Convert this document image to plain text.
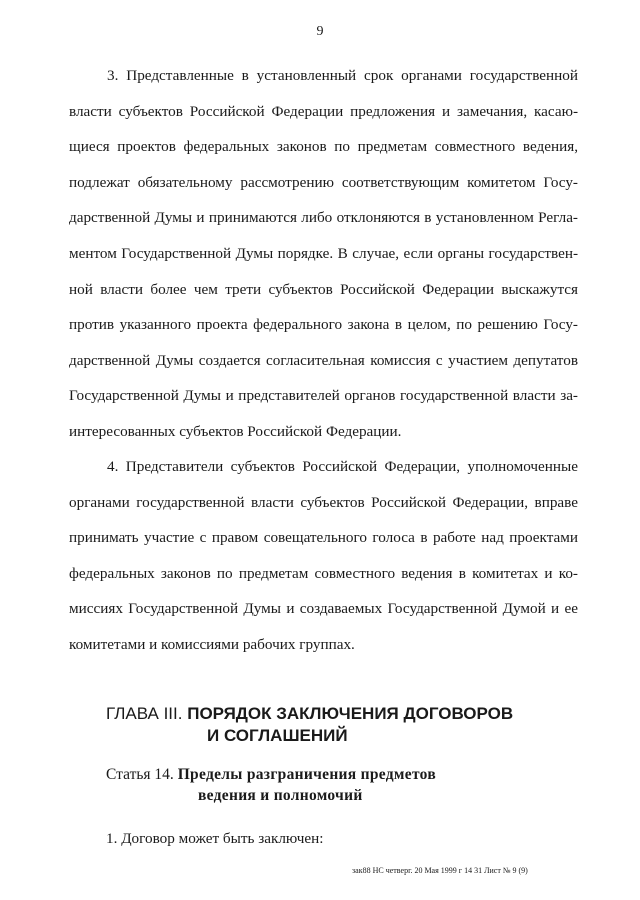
9
3. Представленные в установленный срок органами государственной
власти субъектов Российской Федерации предложения и замечания, касаю-
щиеся проектов федеральных законов по предметам совместного ведения,
подлежат обязательному рассмотрению соответствующим комитетом Госу-
дарственной Думы и принимаются либо отклоняются в установленном Регла-
ментом Государственной Думы порядке. В случае, если органы государствен-
ной власти более чем трети субъектов Российской Федерации выскажутся
против указанного проекта федерального закона в целом, по решению Госу-
дарственной Думы создается согласительная комиссия с участием депутатов
Государственной Думы и представителей органов государственной власти за-
интересованных субъектов Российской Федерации.
4. Представители субъектов Российской Федерации, уполномоченные
органами государственной власти субъектов Российской Федерации, вправе
принимать участие с правом совещательного голоса в работе над проектами
федеральных законов по предметам совместного ведения в комитетах и ко-
миссиях Государственной Думы и создаваемых Государственной Думой и ее
комитетами и комиссиями рабочих группах.
ГЛАВА III. ПОРЯДОК ЗАКЛЮЧЕНИЯ ДОГОВОРОВ
И СОГЛАШЕНИЙ
Статья 14. Пределы разграничения предметов
ведения и полномочий
1. Договор может быть заключен:
зак88 НС четверг. 20 Мая 1999 г 14 31 Лист № 9 (9)
